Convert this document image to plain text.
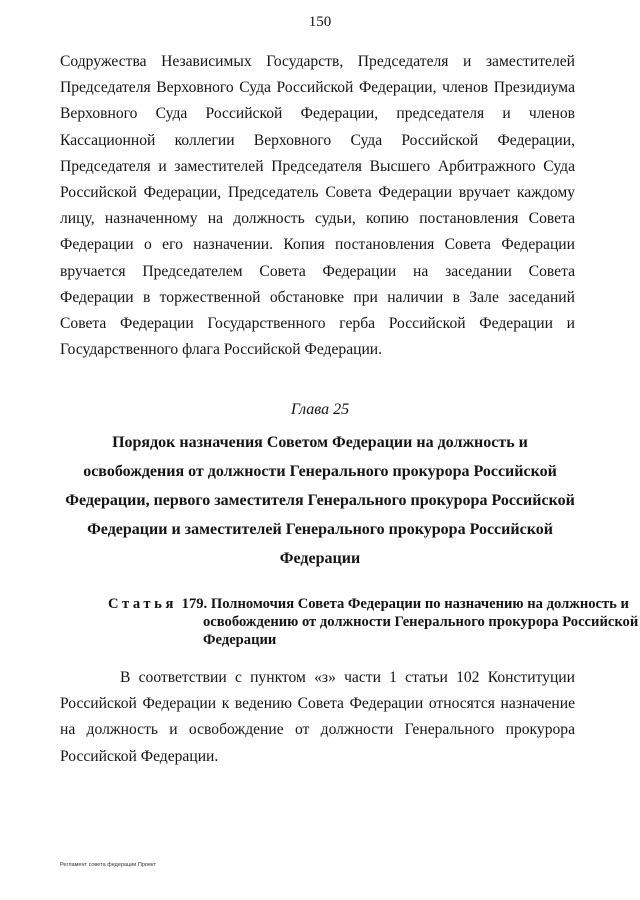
150

Содружества Независимых Государств, Председателя и заместителей Председателя Верховного Суда Российской Федерации, членов Президиума Верховного Суда Российской Федерации, председателя и членов Кассационной коллегии Верховного Суда Российской Федерации, Председателя и заместителей Председателя Высшего Арбитражного Суда Российской Федерации, Председатель Совета Федерации вручает каждому лицу, назначенному на должность судьи, копию постановления Совета Федерации о его назначении. Копия постановления Совета Федерации вручается Председателем Совета Федерации на заседании Совета Федерации в торжественной обстановке при наличии в Зале заседаний Совета Федерации Государственного герба Российской Федерации и Государственного флага Российской Федерации.

Глава 25

Порядок назначения Советом Федерации на должность и освобождения от должности Генерального прокурора Российской Федерации, первого заместителя Генерального прокурора Российской Федерации и заместителей Генерального прокурора Российской Федерации

Статья 179. Полномочия Совета Федерации по назначению на должность и освобождению от должности Генерального прокурора Российской Федерации

В соответствии с пунктом «з» части 1 статьи 102 Конституции Российской Федерации к ведению Совета Федерации относятся назначение на должность и освобождение от должности Генерального прокурора Российской Федерации.

Регламент совета федерации Проект
